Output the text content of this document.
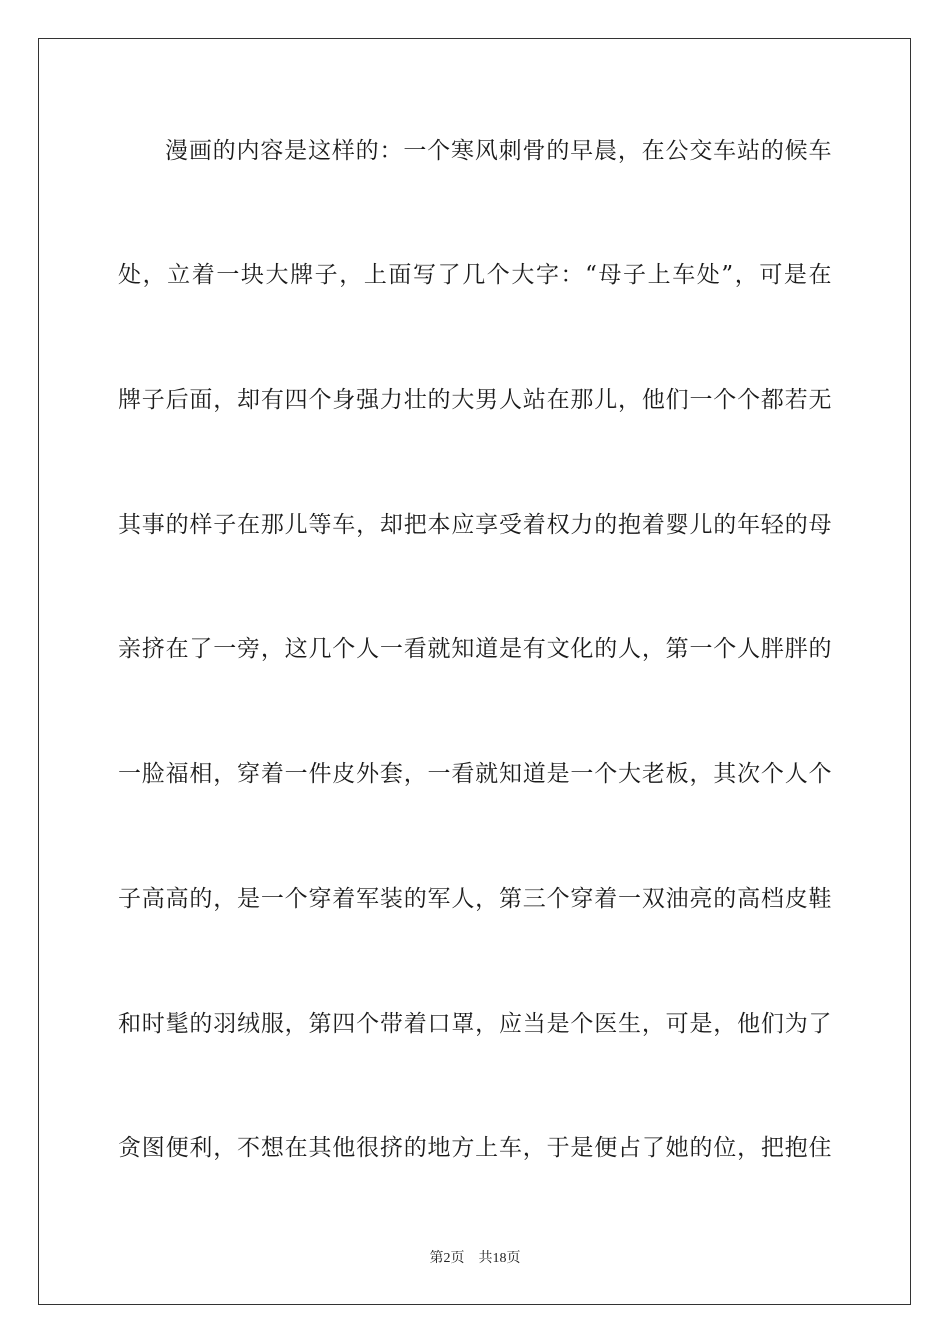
漫画的内容是这样的：一个寒风刺骨的早晨，在公交车站的候车
处，立着一块大牌子，上面写了几个大字：“母子上车处”，可是在
牌子后面，却有四个身强力壮的大男人站在那儿，他们一个个都若无
其事的样子在那儿等车，却把本应享受着权力的抱着婴儿的年轻的母
亲挤在了一旁，这几个人一看就知道是有文化的人，第一个人胖胖的
一脸福相，穿着一件皮外套，一看就知道是一个大老板，其次个人个
子高高的，是一个穿着军装的军人，第三个穿着一双油亮的高档皮鞋
和时髦的羽绒服，第四个带着口罩，应当是个医生，可是，他们为了
贪图便利，不想在其他很挤的地方上车，于是便占了她的位，把抱住
第2页 共18页
